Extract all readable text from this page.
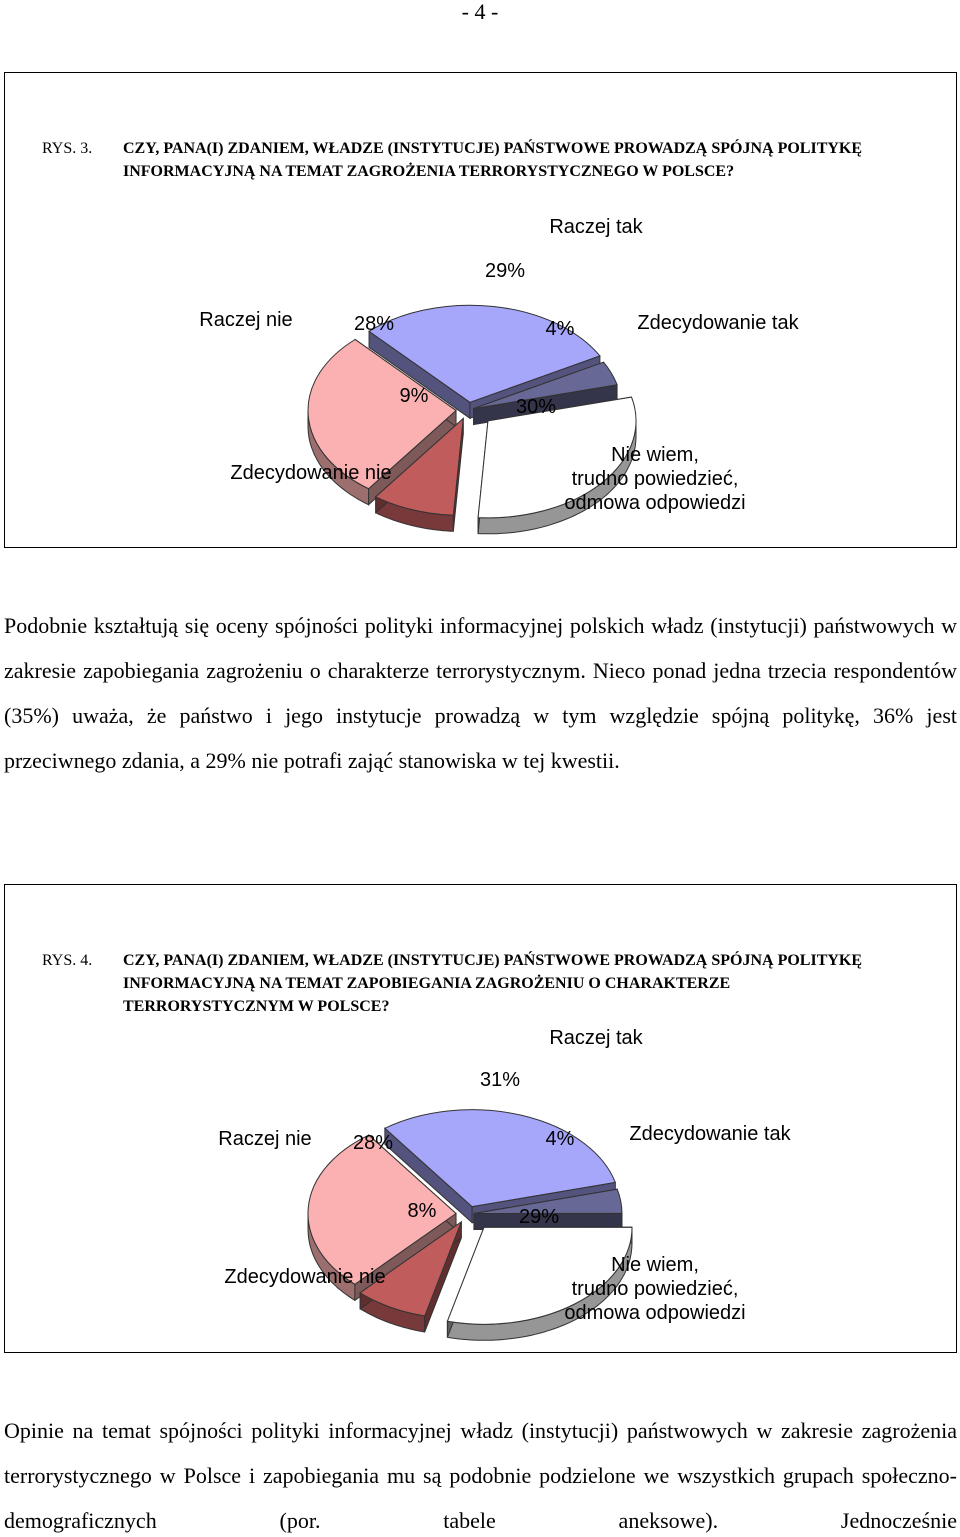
- 4 -
RYS. 3. CZY, PANA(I) ZDANIEM, WŁADZE (INSTYTUCJE) PAŃSTWOWE PROWADZĄ SPÓJNĄ POLITYKĘ INFORMACYJNĄ NA TEMAT ZAGROŻENIA TERRORYSTYCZNEGO W POLSCE?
29%
Raczej tak
4%	Zdecydowanie tak
30%
Nie wiem, trudno powiedzieć, odmowa odpowiedzi
9%
Zdecydowanie nie
28%
Raczej nie
Podobnie kształtują się oceny spójności polityki informacyjnej polskich władz (instytucji) państwowych w zakresie zapobiegania zagrożeniu o charakterze terrorystycznym. Nieco ponad jedna trzecia respondentów (35%) uważa, że państwo i jego instytucje prowadzą w tym względzie spójną politykę, 36% jest przeciwnego zdania, a 29% nie potrafi zająć stanowiska w tej kwestii.
RYS. 4. CZY, PANA(I) ZDANIEM, WŁADZE (INSTYTUCJE) PAŃSTWOWE PROWADZĄ SPÓJNĄ POLITYKĘ INFORMACYJNĄ NA TEMAT ZAPOBIEGANIA ZAGROŻENIU O CHARAKTERZE TERRORYSTYCZNYM W POLSCE?
31%
Raczej tak
4%	Zdecydowanie tak
29%
Nie wiem, trudno powiedzieć, odmowa odpowiedzi
8%
Zdecydowanie nie
28%
Raczej nie
Opinie na temat spójności polityki informacyjnej władz (instytucji) państwowych w zakresie zagrożenia terrorystycznego w Polsce i zapobiegania mu są podobnie podzielone we wszystkich grupach społeczno-demograficznych (por. tabele aneksowe). Jednocześnie
